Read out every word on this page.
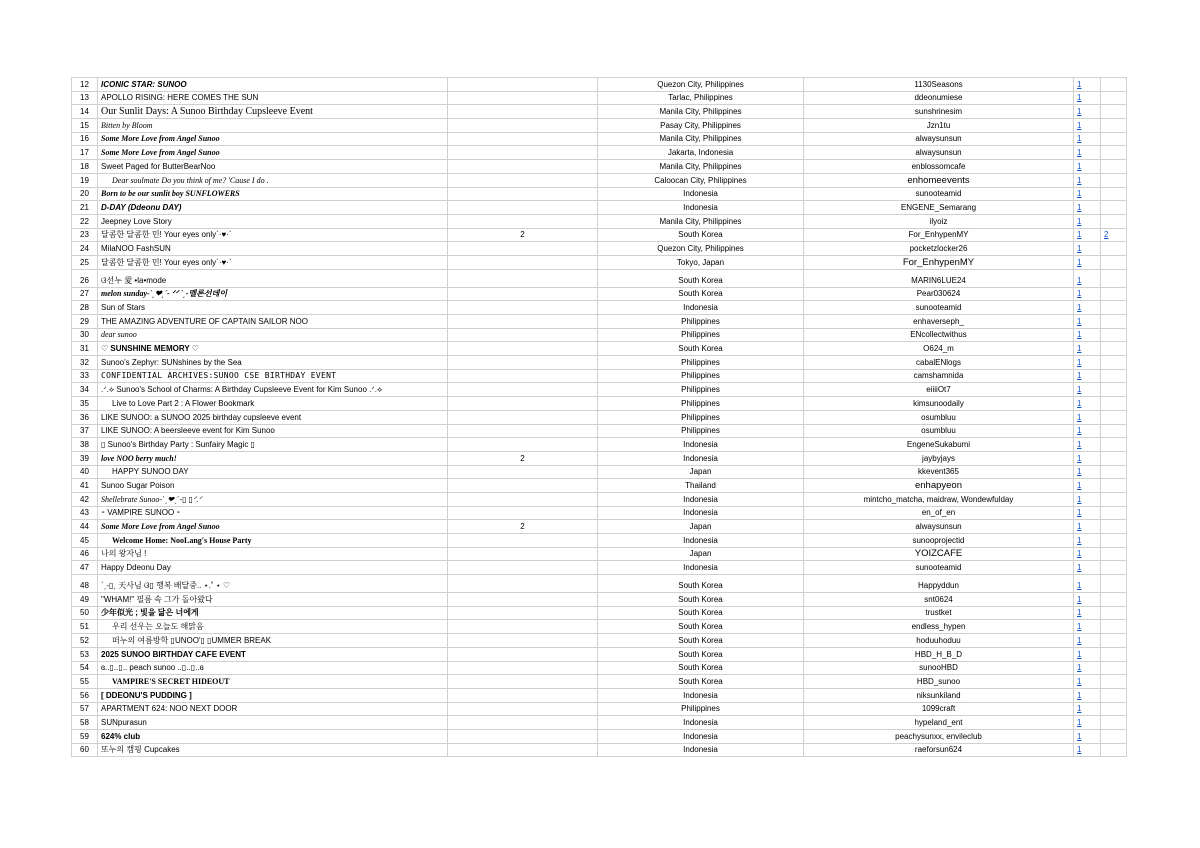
12	ICONIC STAR: SUNOO		Quezon City, Philippines	1130Seasons	1	
13	APOLLO RISING: HERE COMES THE SUN		Tarlac, Philippines	ddeonumiese	1	
14	Our Sunlit Days: A Sunoo Birthday Cupsleeve Event		Manila City, Philippines	sunshrinesim	1	
15	Bitten by Bloom		Pasay City, Philippines	Jzn1tu	1	
16	Some More Love from Angel Sunoo		Manila City, Philippines	alwaysunsun	1	
17	Some More Love from Angel Sunoo		Jakarta, Indonesia	alwaysunsun	1	
18	Sweet Paged for ButterBearNoo		Manila City, Philippines	enblossomcafe	1	
19	Dear soulmate Do you think of me? 'Cause I do .		Caloocan City, Philippines	enhomeevents	1	
20	Born to be our sunlit boy SUNFLOWERS		Indonesia	sunooteamid	1	
21	D-DAY (Ddeonu DAY)		Indonesia	ENGENE_Semarang	1	
22	Jeepney Love Story		Manila City, Philippines	ilyoiz	1	
23	달콤한 달콤한 민! Your eyes only`·♥·`	2	South Korea	For_EnhypenMY	1	2
24	MilaNOO FashSUN		Quezon City, Philippines	pocketzlocker26	1	
25	달콤한 달콤한 민! Your eyes only`·♥·`		Tokyo, Japan	For_EnhypenMY	1	
26	ଓ선누 愛 •la•mode		South Korea	MARIN6LUE24	1	
27	melon sunday-ˋˏ❤ˎˊ- ᐟᐟ ˋˏ-멜론선데이		South Korea	Pear030624	1	
28	Sun of Stars		Indonesia	sunooteamid	1	
29	THE AMAZING ADVENTURE OF CAPTAIN SAILOR NOO		Philippines	enhaverseph_	1	
30	dear sunoo		Philippines	ENcollectwithus	1	
31	♡ SUNSHINE MEMORY ♡		South Korea	O624_m	1	
32	Sunoo's Zephyr: SUNshines by the Sea		Philippines	cabalENlogs	1	
33	CONFIDENTIAL ARCHIVES:SUNOO CSE BIRTHDAY EVENT		Philippines	camshamnida	1	
34	.ᐟ.⟡ Sunoo's School of Charms: A Birthday Cupsleeve Event for Kim Sunoo .ᐟ.⟡		Philippines	eiiiiOt7	1	
35	Live to Love Part 2 : A Flower Bookmark		Philippines	kimsunoodaily	1	
36	LIKE SUNOO: a SUNOO 2025 birthday cupsleeve event		Philippines	osumbluu	1	
37	LIKE SUNOO: A beersleeve event for Kim Sunoo		Philippines	osumbluu	1	
38	▯ Sunoo's Birthday Party : Sunfairy Magic ▯		Indonesia	EngeneSukabumi	1	
39	love NOO berry much!	2	Indonesia	jaybyjays	1	
40	HAPPY SUNOO DAY		Japan	kkevent365	1	
41	Sunoo Sugar Poison		Thailand	enhapyeon	1	
42	Shellebrate Sunoo-ˋˏ❤ˎˊ-▯ ▯ᐟ.ᐟ		Indonesia	mintcho_matcha, maidraw, Wondewfulday	1	
43	⁃ VAMPIRE SUNOO ⁃		Indonesia	en_of_en	1	
44	Some More Love from Angel Sunoo	2	Japan	alwaysunsun	1	
45	Welcome Home: NooLang's House Party		Indonesia	sunooprojectid	1	
46	나의 왕자님 !		Japan	YOIZCAFE	1	
47	Happy Ddeonu Day		Indonesia	sunooteamid	1	
48	ˋˏ-▯ˎ 天사님 ଓ▯ 행복 배달중.. ⋆.˚ ⋆ ♡		South Korea	Happyddun	1	
49	"WHAM!" 필름 속 그가 돌아왔다		South Korea	snt0624	1	
50	少年似光 ; 빛을 닮은 너에게		South Korea	trustket	1	
51	우리 선우는 오늘도 해맑음		South Korea	endless_hypen	1	
52	떠누의 여름방학 ▯UNOO'▯ ▯UMMER BREAK		South Korea	hoduuhoduu	1	
53	2025 SUNOO BIRTHDAY CAFE EVENT		South Korea	HBD_H_B_D	1	
54	ɞ..▯..▯.. peach sunoo ..▯..▯..ɞ		South Korea	sunooHBD	1	
55	VAMPIRE'S SECRET HIDEOUT		South Korea	HBD_sunoo	1	
56	[ DDEONU'S PUDDING ]		Indonesia	niksunkiland	1	
57	APARTMENT 624: NOO NEXT DOOR		Philippines	1099craft	1	
58	SUNpurasun		Indonesia	hypeland_ent	1	
59	624% club		Indonesia	peachysunxx, envileclub	1	
60	또누의 캠핑 Cupcakes		Indonesia	raeforsun624	1	
